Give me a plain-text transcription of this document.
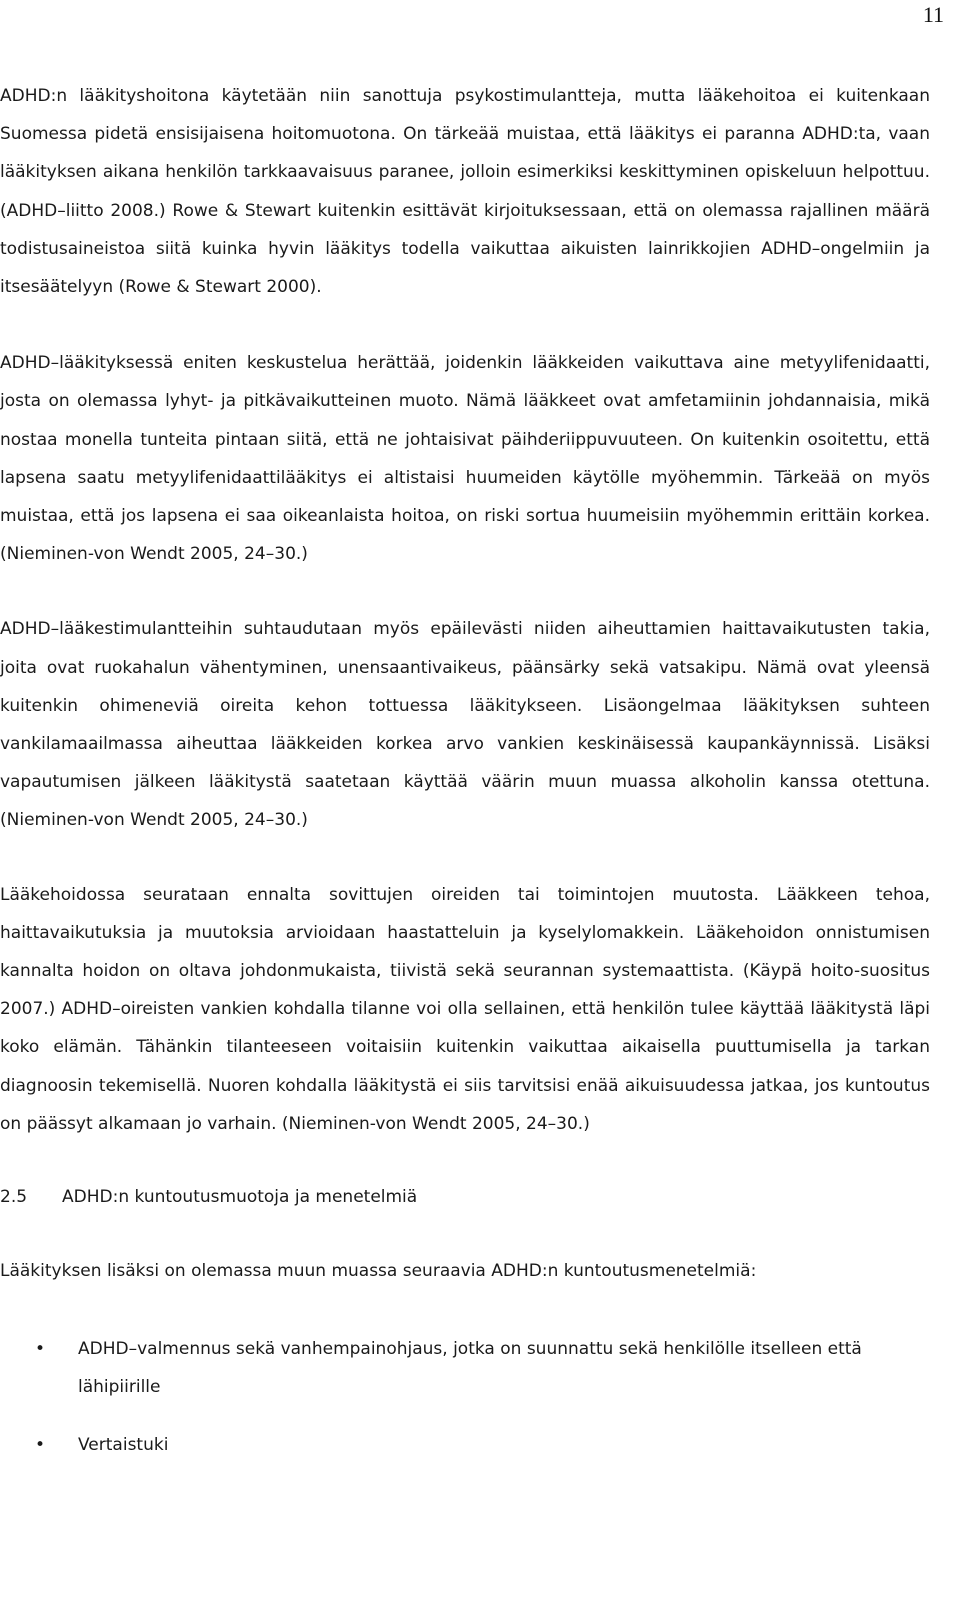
11

ADHD:n lääkityshoitona käytetään niin sanottuja psykostimulantteja, mutta lääkehoitoa ei kuitenkaan Suomessa pidetä ensisijaisena hoitomuotona. On tärkeää muistaa, että lääkitys ei paranna ADHD:ta, vaan lääkityksen aikana henkilön tarkkaavaisuus paranee, jolloin esimerkiksi keskittyminen opiskeluun helpottuu. (ADHD–liitto 2008.) Rowe & Stewart kuitenkin esittävät kirjoituksessaan, että on olemassa rajallinen määrä todistusaineistoa siitä kuinka hyvin lääkitys todella vaikuttaa aikuisten lainrikkojien ADHD–ongelmiin ja itsesäätelyyn (Rowe & Stewart 2000).

ADHD–lääkityksessä eniten keskustelua herättää, joidenkin lääkkeiden vaikuttava aine metyylifenidaatti, josta on olemassa lyhyt- ja pitkävaikutteinen muoto. Nämä lääkkeet ovat amfetamiinin johdannaisia, mikä nostaa monella tunteita pintaan siitä, että ne johtaisivat päihderiippuvuuteen. On kuitenkin osoitettu, että lapsena saatu metyylifenidaattilääkitys ei altistaisi huumeiden käytölle myöhemmin. Tärkeää on myös muistaa, että jos lapsena ei saa oikeanlaista hoitoa, on riski sortua huumeisiin myöhemmin erittäin korkea. (Nieminen-von Wendt 2005, 24–30.)

ADHD–lääkestimulantteihin suhtaudutaan myös epäilevästi niiden aiheuttamien haittavaikutusten takia, joita ovat ruokahalun vähentyminen, unensaantivaikeus, päänsärky sekä vatsakipu. Nämä ovat yleensä kuitenkin ohimeneviä oireita kehon tottuessa lääkitykseen. Lisäongelmaa lääkityksen suhteen vankilamaailmassa aiheuttaa lääkkeiden korkea arvo vankien keskinäisessä kaupankäynnissä. Lisäksi vapautumisen jälkeen lääkitystä saatetaan käyttää väärin muun muassa alkoholin kanssa otettuna. (Nieminen-von Wendt 2005, 24–30.)

Lääkehoidossa seurataan ennalta sovittujen oireiden tai toimintojen muutosta. Lääkkeen tehoa, haittavaikutuksia ja muutoksia arvioidaan haastatteluin ja kyselylomakkein. Lääkehoidon onnistumisen kannalta hoidon on oltava johdonmukaista, tiivistä sekä seurannan systemaattista. (Käypä hoito-suositus 2007.) ADHD–oireisten vankien kohdalla tilanne voi olla sellainen, että henkilön tulee käyttää lääkitystä läpi koko elämän. Tähänkin tilanteeseen voitaisiin kuitenkin vaikuttaa aikaisella puuttumisella ja tarkan diagnoosin tekemisellä. Nuoren kohdalla lääkitystä ei siis tarvitsisi enää aikuisuudessa jatkaa, jos kuntoutus on päässyt alkamaan jo varhain. (Nieminen-von Wendt 2005, 24–30.)

2.5	ADHD:n kuntoutusmuotoja ja menetelmiä

Lääkityksen lisäksi on olemassa muun muassa seuraavia ADHD:n kuntoutusmenetelmiä:

• ADHD–valmennus sekä vanhempainohjaus, jotka on suunnattu sekä henkilölle itselleen että lähipiirille
• Vertaistuki
